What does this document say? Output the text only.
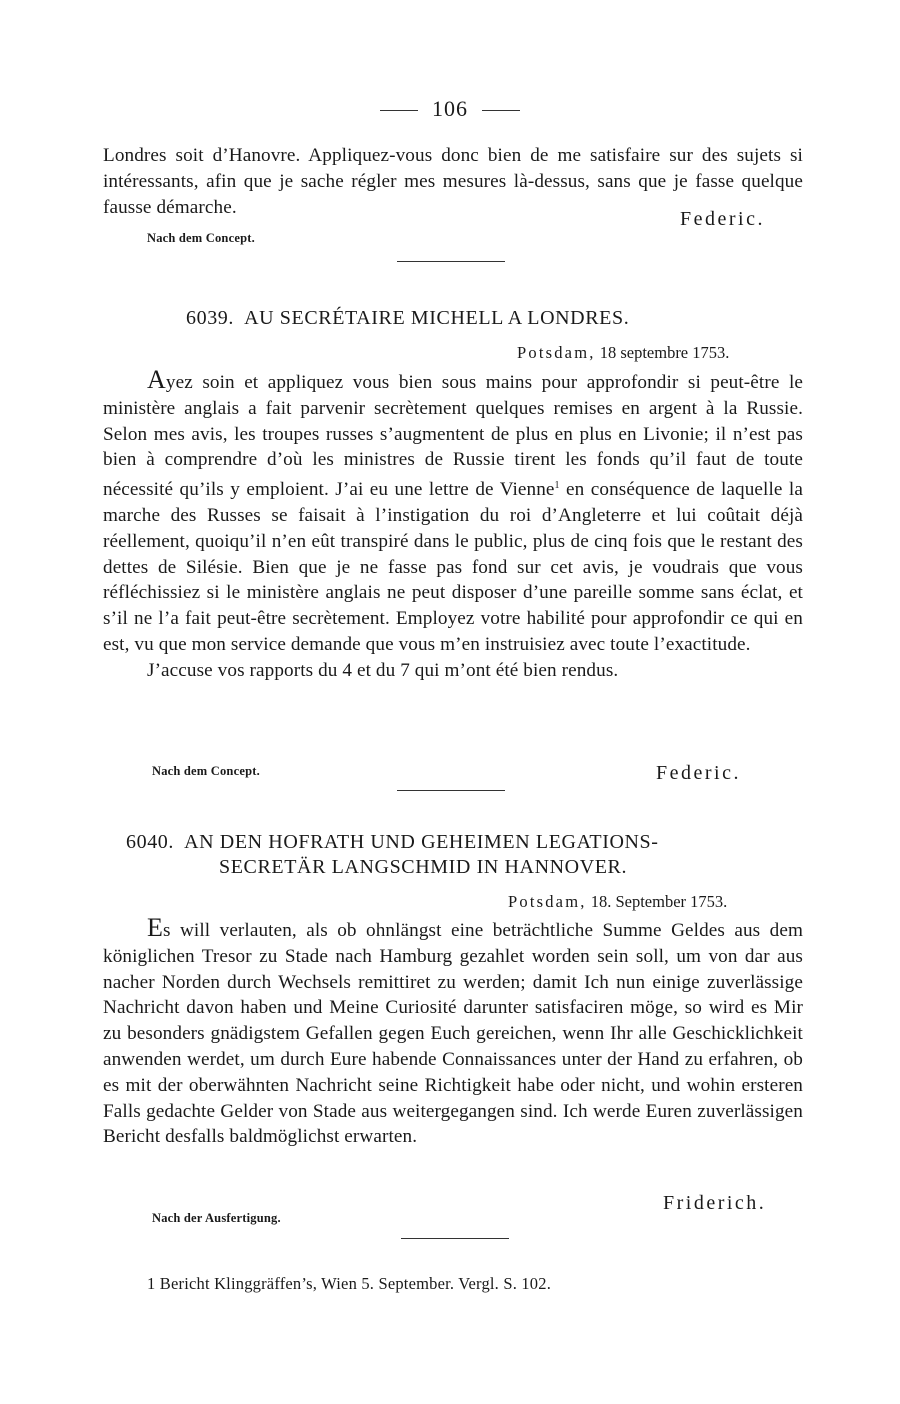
106

Londres soit d’Hanovre. Appliquez-vous donc bien de me satisfaire sur des sujets si intéressants, afin que je sache régler mes mesures là-dessus, sans que je fasse quelque fausse démarche.

Federic.
Nach dem Concept.
6039. AU SECRÉTAIRE MICHELL A LONDRES.
Potsdam, 18 septembre 1753.

Ayez soin et appliquez vous bien sous mains pour approfondir si peut-être le ministère anglais a fait parvenir secrètement quelques remises en argent à la Russie. Selon mes avis, les troupes russes s’augmentent de plus en plus en Livonie; il n’est pas bien à comprendre d’où les ministres de Russie tirent les fonds qu’il faut de toute nécessité qu’ils y emploient. J’ai eu une lettre de Vienne$^1$ en conséquence de laquelle la marche des Russes se faisait à l’instigation du roi d’Angleterre et lui coûtait déjà réellement, quoiqu’il n’en eût transpiré dans le public, plus de cinq fois que le restant des dettes de Silésie. Bien que je ne fasse pas fond sur cet avis, je voudrais que vous réfléchissiez si le ministère anglais ne peut disposer d’une pareille somme sans éclat, et s’il ne l’a fait peut-être secrètement. Employez votre habilité pour approfondir ce qui en est, vu que mon service demande que vous m’en instruisiez avec toute l’exactitude.

J’accuse vos rapports du 4 et du 7 qui m’ont été bien rendus.

Nach dem Concept.	Federic.
6040. AN DEN HOFRATH UND GEHEIMEN LEGATIONS-
SECRETÄR LANGSCHMID IN HANNOVER.
Potsdam, 18. September 1753.

Es will verlauten, als ob ohnlängst eine beträchtliche Summe Geldes aus dem königlichen Tresor zu Stade nach Hamburg gezahlet worden sein soll, um von dar aus nacher Norden durch Wechsels remittiret zu werden; damit Ich nun einige zuverlässige Nachricht davon haben und Meine Curiosité darunter satisfaciren möge, so wird es Mir zu besonders gnädigstem Gefallen gegen Euch gereichen, wenn Ihr alle Geschicklichkeit anwenden werdet, um durch Eure habende Connaissances unter der Hand zu erfahren, ob es mit der oberwähnten Nachricht seine Richtigkeit habe oder nicht, und wohin ersteren Falls gedachte Gelder von Stade aus weitergegangen sind. Ich werde Euren zuverlässigen Bericht desfalls baldmöglichst erwarten.

Friderich.
Nach der Ausfertigung.
1 Bericht Klinggräffen’s, Wien 5. September. Vergl. S. 102.
